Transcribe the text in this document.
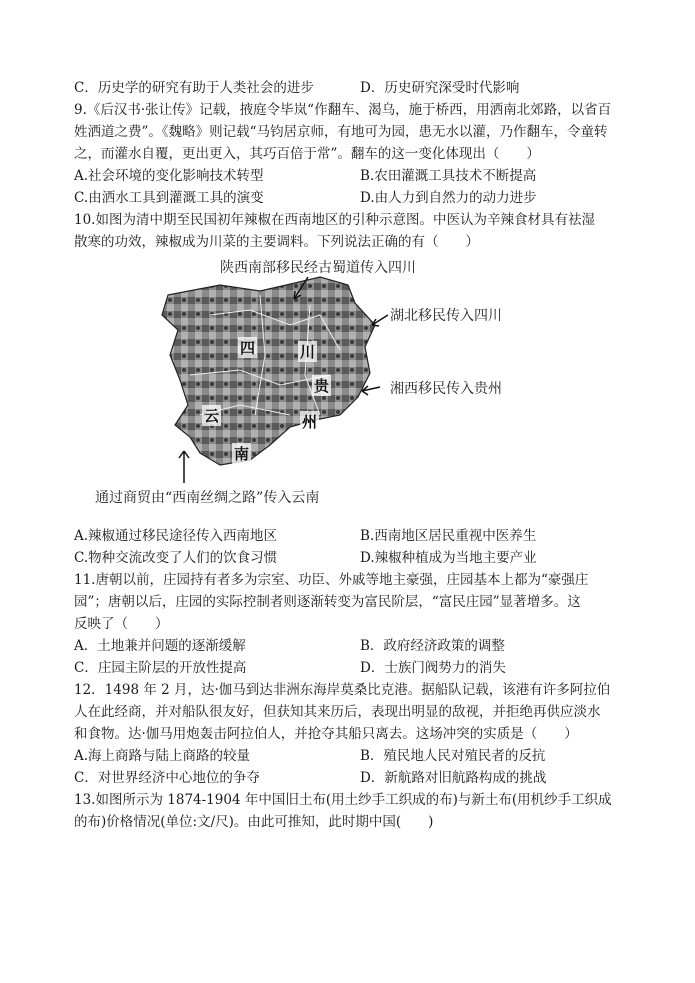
C．历史学的研究有助于人类社会的进步	D．历史研究深受时代影响
9.《后汉书·张让传》记载，掖庭令毕岚“作翻车、渴乌，施于桥西，用洒南北郊路，以省百
姓洒道之费”。《魏略》则记载“马钧居京师，有地可为园，患无水以灌，乃作翻车，令童转
之，而灌水自覆，更出更入，其巧百倍于常”。翻车的这一变化体现出（　　）
A.社会环境的变化影响技术转型	B.农田灌溉工具技术不断提高
C.由洒水工具到灌溉工具的演变	D.由人力到自然力的动力进步
10.如图为清中期至民国初年辣椒在西南地区的引种示意图。中医认为辛辣食材具有祛湿
散寒的功效，辣椒成为川菜的主要调料。下列说法正确的有（　　）
陕西南部移民经古蜀道传入四川
湖北移民传入四川
湘西移民传入贵州
通过商贸由“西南丝绸之路”传入云南
四	川
贵
州
云
南
A.辣椒通过移民途径传入西南地区	B.西南地区居民重视中医养生
C.物种交流改变了人们的饮食习惯	D.辣椒种植成为当地主要产业
11.唐朝以前，庄园持有者多为宗室、功臣、外戚等地主豪强，庄园基本上都为“豪强庄
园”；唐朝以后，庄园的实际控制者则逐渐转变为富民阶层，“富民庄园”显著增多。这
反映了（　　）
A．土地兼并问题的逐渐缓解	B．政府经济政策的调整
C．庄园主阶层的开放性提高	D．士族门阀势力的消失
12．1498 年 2 月，达·伽马到达非洲东海岸莫桑比克港。据船队记载，该港有许多阿拉伯
人在此经商，并对船队很友好，但获知其来历后，表现出明显的敌视，并拒绝再供应淡水
和食物。达·伽马用炮轰击阿拉伯人，并抢夺其船只离去。这场冲突的实质是（　　）
A.海上商路与陆上商路的较量	B．殖民地人民对殖民者的反抗
C．对世界经济中心地位的争夺	D．新航路对旧航路构成的挑战
13.如图所示为 1874-1904 年中国旧土布(用土纱手工织成的布)与新土布(用机纱手工织成
的布)价格情况(单位:文/尺)。由此可推知，此时期中国(　　)
